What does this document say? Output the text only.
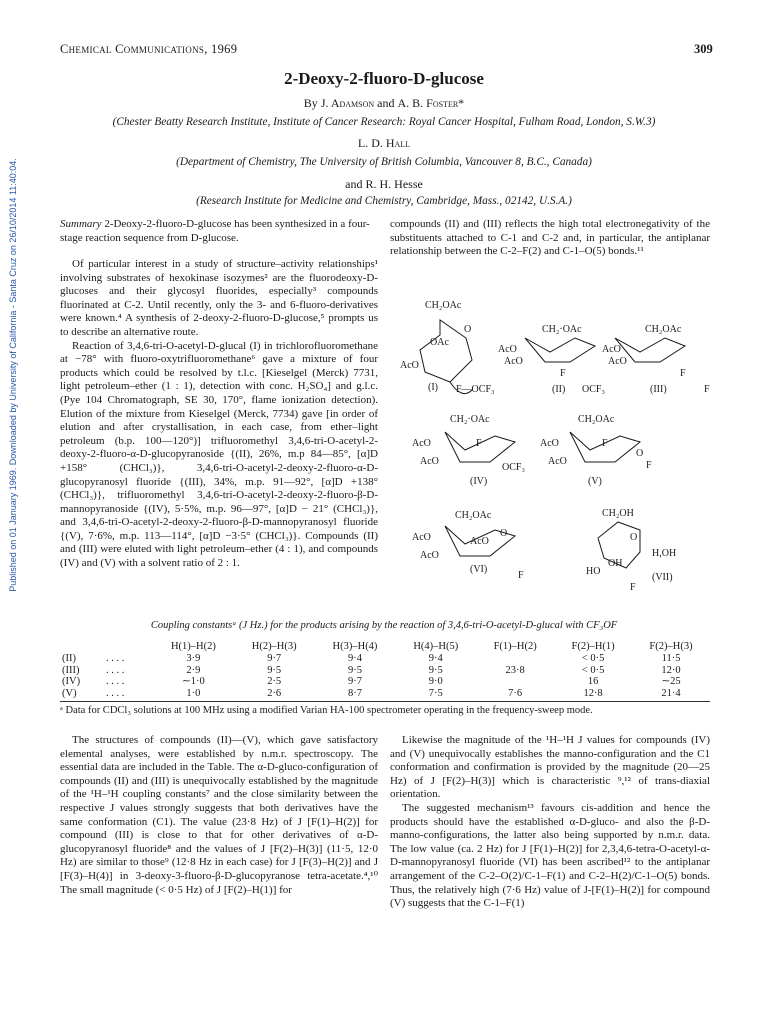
Chemical Communications, 1969	309
Published on 01 January 1969. Downloaded by University of California - Santa Cruz on 26/10/2014 11:40:04.
2-Deoxy-2-fluoro-D-glucose
By J. Adamson and A. B. Foster*
(Chester Beatty Research Institute, Institute of Cancer Research: Royal Cancer Hospital, Fulham Road, London, S.W.3)
L. D. Hall
(Department of Chemistry, The University of British Columbia, Vancouver 8, B.C., Canada)
and R. H. Hesse
(Research Institute for Medicine and Chemistry, Cambridge, Mass., 02142, U.S.A.)
Summary 2-Deoxy-2-fluoro-D-glucose has been synthesized in a four-stage reaction sequence from D-glucose.

Of particular interest in a study of structure–activity relationships¹ involving substrates of hexokinase isozymes² are the fluorodeoxy-D-glucoses and their glycosyl fluorides, especially³ compounds fluorinated at C-2. Until recently, only the 3- and 6-fluoro-derivatives were known.⁴ A synthesis of 2-deoxy-2-fluoro-D-glucose,⁵ prompts us to describe an alternative route.

Reaction of 3,4,6-tri-O-acetyl-D-glucal (I) in trichlorofluoromethane at −78° with fluoro-oxytrifluoromethane⁶ gave a mixture of four products which could be resolved by t.l.c. [Kieselgel (Merck) 7731, light petroleum–ether (1 : 1), detection with conc. H₂SO₄] and g.l.c. (Pye 104 Chromatograph, SE 30, 170°, flame ionization detection). Elution of the mixture from Kieselgel (Merck, 7734) gave [in order of elution and after crystallisation, in each case, from ether–light petroleum (b.p. 100—120°)] trifluoromethyl 3,4,6-tri-O-acetyl-2-deoxy-2-fluoro-α-D-glucopyranoside {(II), 26%, m.p 84—85°, [α]D +158° (CHCl₃)}, 3,4,6-tri-O-acetyl-2-deoxy-2-fluoro-α-D-glucopyranosyl fluoride {(III), 34%, m.p. 91—92°, [α]D +138° (CHCl₃)}, trifluoromethyl 3,4,6-tri-O-acetyl-2-deoxy-2-fluoro-β-D-mannopyranoside {(IV), 5·5%, m.p. 96—97°, [α]D − 21° (CHCl₃)}, and 3,4,6-tri-O-acetyl-2-deoxy-2-fluoro-β-D-mannopyranosyl fluoride {(V), 7·6%, m.p. 113—114°, [α]D −3·5° (CHCl₃)}. Compounds (II) and (III) were eluted with light petroleum–ether (4 : 1), and compounds (IV) and (V) with a solvent ratio of 2 : 1.

compounds (II) and (III) reflects the high total electronegativity of the substituents attached to C-1 and C-2 and, in particular, the antiplanar relationship between the C-2–F(2) and C-1–O(5) bonds.¹¹

CH₂OAc
OAc
AcO
O
(I) F—OCF₃
CH₂·OAc
AcO
AcO
F
(II) OCF₃
CH₂OAc
AcO
AcO
F
(III)	F
CH₂·OAc
AcO
AcO
F
OCF₃
(IV)
CH₂OAc
AcO
AcO
F
O
F
(V)
CH₂OAc
AcO
AcO
AcO
O
F
(VI)
CH₂OH
O
H,OH
OH
HO
F
(VII)
Coupling constantsᵃ (J Hz.) for the products arising by the reaction of 3,4,6-tri-O-acetyl-D-glucal with CF₃OF
		H(1)–H(2)	H(2)–H(3)	H(3)–H(4)	H(4)–H(5)	F(1)–H(2)	F(2)–H(1)	F(2)–H(3)
(II)	. . . .	3·9	9·7	9·4	9·4		< 0·5	11·5
(III)	. . . .	2·9	9·5	9·5	9·5	23·8	< 0·5	12·0
(IV)	. . . .	∼1·0	2·5	9·7	9·0		16	∼25
(V)	. . . .	1·0	2·6	8·7	7·5	7·6	12·8	21·4
ᵃ Data for CDCl₃ solutions at 100 MHz using a modified Varian HA-100 spectrometer operating in the frequency-sweep mode.

The structures of compounds (II)—(V), which gave satisfactory elemental analyses, were established by n.m.r. spectroscopy. The essential data are included in the Table. The α-D-gluco-configuration of compounds (II) and (III) is unequivocally established by the magnitude of the ¹H–¹H coupling constants⁷ and the close similarity between the respective J values strongly suggests that both derivatives have the same conformation (C1). The value (23·8 Hz) of J [F(1)–H(2)] for compound (III) is close to that for other derivatives of α-D-glucopyranosyl fluoride⁸ and the values of J [F(2)–H(3)] (11·5, 12·0 Hz) are similar to those⁹ (12·8 Hz in each case) for J [F(3)–H(2)] and J [F(3)–H(4)] in 3-deoxy-3-fluoro-β-D-glucopyranose tetra-acetate.⁴,¹⁰ The small magnitude (< 0·5 Hz) of J [F(2)–H(1)] for

Likewise the magnitude of the ¹H–¹H J values for compounds (IV) and (V) unequivocally establishes the manno-configuration and the C1 conformation and confirmation is provided by the magnitude (20—25 Hz) of J [F(2)–H(3)] which is characteristic ⁹,¹² of trans-diaxial orientation.

The suggested mechanism¹³ favours cis-addition and hence the products should have the established α-D-gluco- and also the β-D-manno-configurations, the latter also being supported by n.m.r. data. The low value (ca. 2 Hz) for J [F(1)–H(2)] for 2,3,4,6-tetra-O-acetyl-α-D-mannopyranosyl fluoride (VI) has been ascribed¹² to the antiplanar arrangement of the C-2–O(2)/C-1–F(1) and C-2–H(2)/C-1–O(5) bonds. Thus, the relatively high (7·6 Hz) value of J-[F(1)–H(2)] for compound (V) suggests that the C-1–F(1)
